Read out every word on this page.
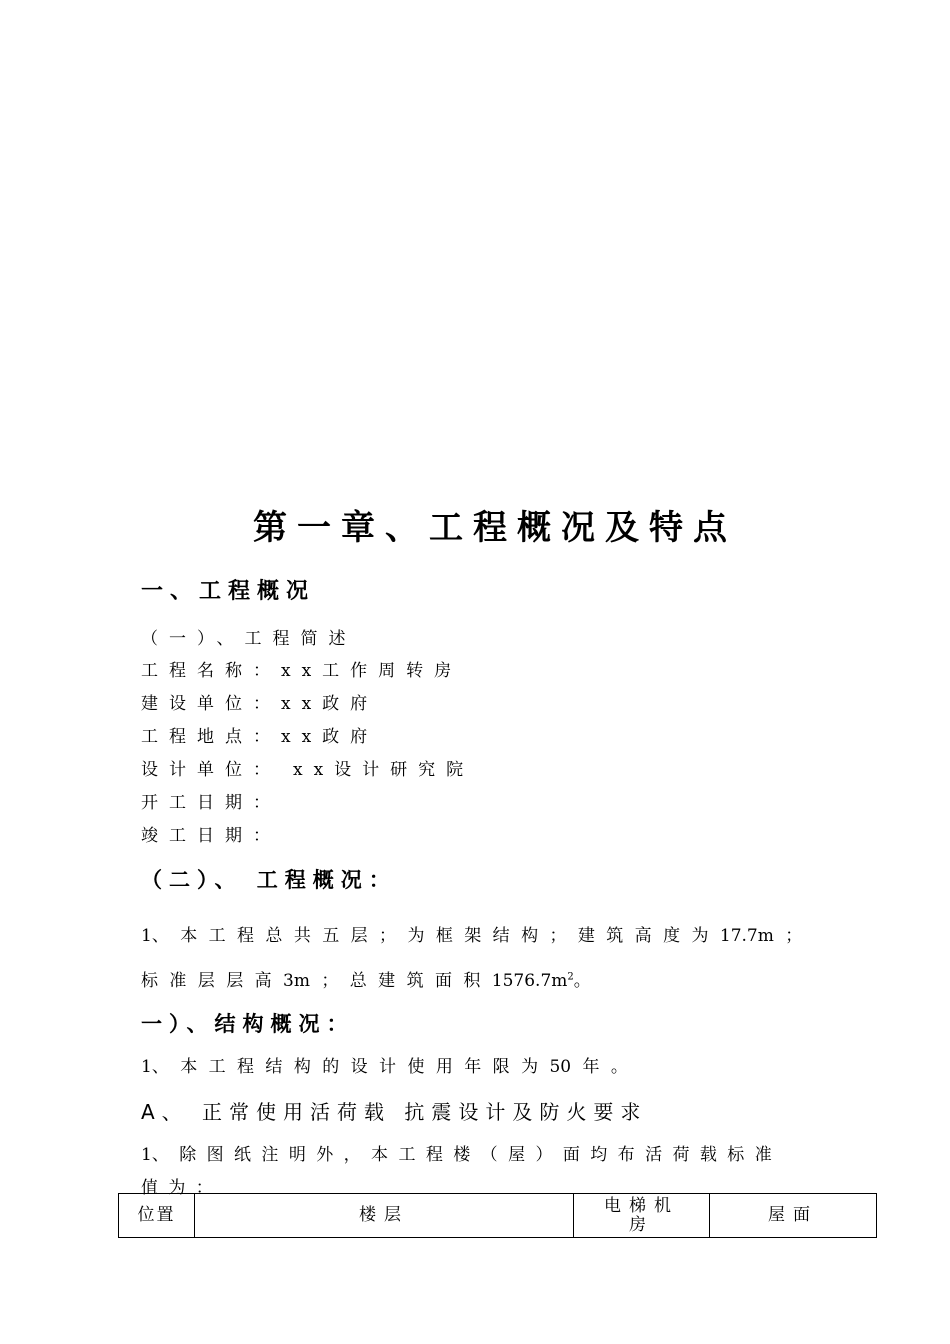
第一章、工程概况及特点
一、工程概况
（一）、工程简述
工程名称：xx工作周转房
建设单位：xx政府
工程地点：xx政府
设计单位： xx设计研究院
开工日期：
竣工日期：
（二）、 工程概况：
1、 本 工 程 总 共 五 层 ； 为 框 架 结 构 ； 建 筑 高 度 为 17.7m ；
标 准 层 层 高 3m ； 总 建 筑 面 积 $1576.7m^2$。
一）、结构概况：
1、 本 工 程 结 构 的 设 计 使 用 年 限 为 50 年 。
A、 正常使用活荷载 抗震设计及防火要求
1、 除 图 纸 注 明 外 ， 本 工 程 楼 （ 屋 ） 面 均 布 活 荷 载 标 准
值 为 ：
位置	楼层	电梯机房	屋面
